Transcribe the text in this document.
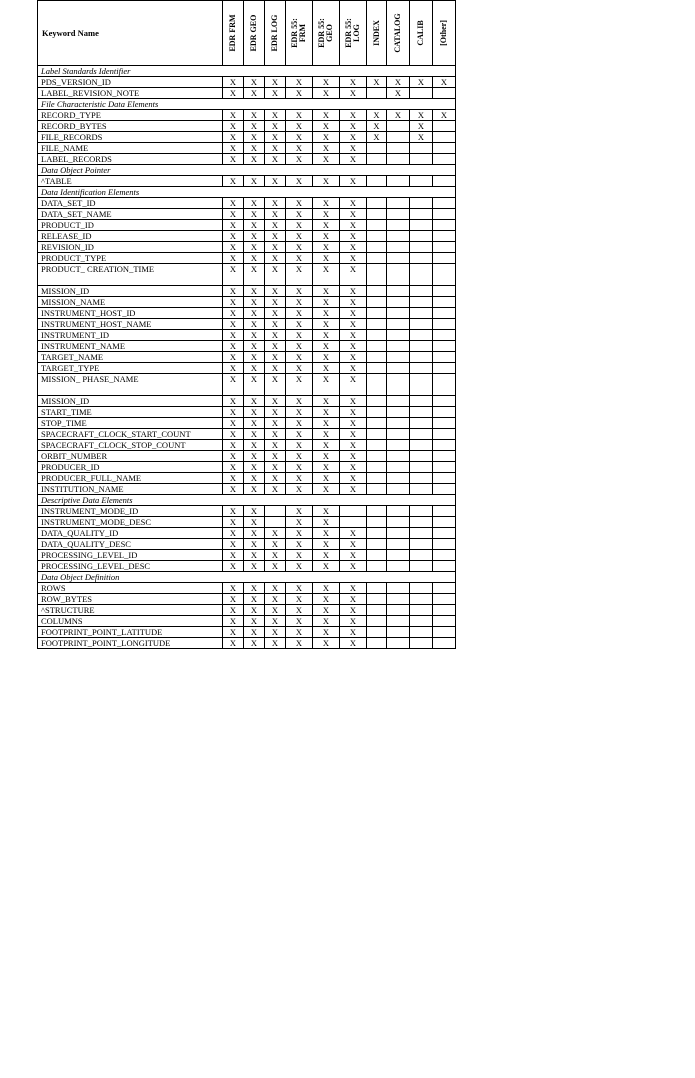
Keyword Name	EDR FRM	EDR GEO	EDR LOG	EDR 55: FRM	EDR 55: GEO	EDR 55: LOG	INDEX	CATALOG	CALIB	[Other]

Label Standards Identifier										
PDS_VERSION_ID	X	X	X	X	X	X	X	X	X	X
LABEL_REVISION_NOTE	X	X	X	X	X	X		X		
File Characteristic Data Elements										
RECORD_TYPE	X	X	X	X	X	X	X	X	X	X
RECORD_BYTES	X	X	X	X	X	X	X		X	
FILE_RECORDS	X	X	X	X	X	X	X		X	
FILE_NAME	X	X	X	X	X	X				
LABEL_RECORDS	X	X	X	X	X	X				
Data Object Pointer										
^TABLE	X	X	X	X	X	X				
Data Identification Elements										
DATA_SET_ID	X	X	X	X	X	X				
DATA_SET_NAME	X	X	X	X	X	X				
PRODUCT_ID	X	X	X	X	X	X				
RELEASE_ID	X	X	X	X	X	X				
REVISION_ID	X	X	X	X	X	X				
PRODUCT_TYPE	X	X	X	X	X	X				
PRODUCT_ CREATION_TIME	X	X	X	X	X	X				
MISSION_ID	X	X	X	X	X	X				
MISSION_NAME	X	X	X	X	X	X				
INSTRUMENT_HOST_ID	X	X	X	X	X	X				
INSTRUMENT_HOST_NAME	X	X	X	X	X	X				
INSTRUMENT_ID	X	X	X	X	X	X				
INSTRUMENT_NAME	X	X	X	X	X	X				
TARGET_NAME	X	X	X	X	X	X				
TARGET_TYPE	X	X	X	X	X	X				
MISSION_ PHASE_NAME	X	X	X	X	X	X				
MISSION_ID	X	X	X	X	X	X				
START_TIME	X	X	X	X	X	X				
STOP_TIME	X	X	X	X	X	X				
SPACECRAFT_CLOCK_START_COUNT	X	X	X	X	X	X				
SPACECRAFT_CLOCK_STOP_COUNT	X	X	X	X	X	X				
ORBIT_NUMBER	X	X	X	X	X	X				
PRODUCER_ID	X	X	X	X	X	X				
PRODUCER_FULL_NAME	X	X	X	X	X	X				
INSTITUTION_NAME	X	X	X	X	X	X				
Descriptive Data Elements										
INSTRUMENT_MODE_ID	X	X		X	X					
INSTRUMENT_MODE_DESC	X	X		X	X					
DATA_QUALITY_ID	X	X	X	X	X	X				
DATA_QUALITY_DESC	X	X	X	X	X	X				
PROCESSING_LEVEL_ID	X	X	X	X	X	X				
PROCESSING_LEVEL_DESC	X	X	X	X	X	X				
Data Object Definition										
ROWS	X	X	X	X	X	X				
ROW_BYTES	X	X	X	X	X	X				
^STRUCTURE	X	X	X	X	X	X				
COLUMNS	X	X	X	X	X	X				
FOOTPRINT_POINT_LATITUDE	X	X	X	X	X	X				
FOOTPRINT_POINT_LONGITUDE	X	X	X	X	X	X				
